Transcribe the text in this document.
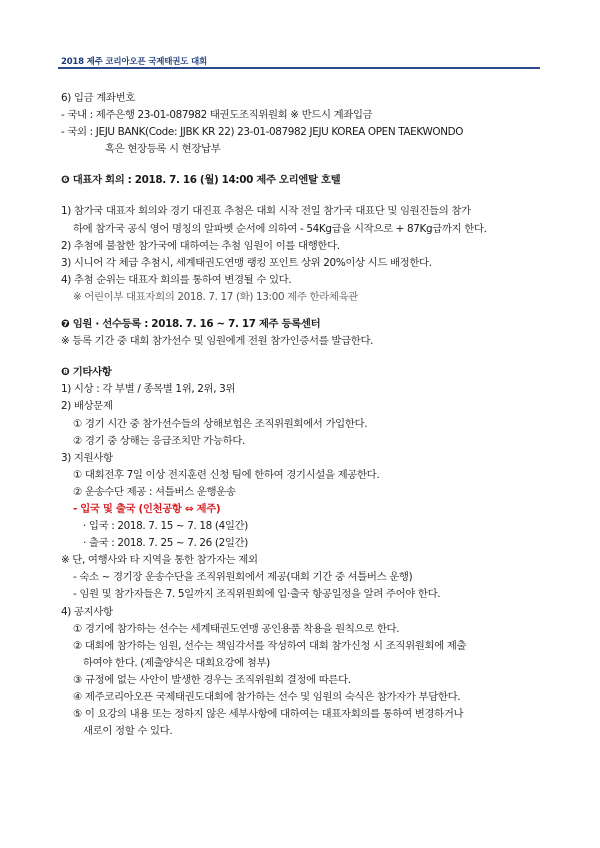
2018 제주 코리아오픈 국제태권도 대회
6) 입금 계좌번호
- 국내 : 제주은행 23-01-087982 태권도조직위원회 ※ 반드시 계좌입금
- 국외 : JEJU BANK(Code: JJBK KR 22) 23-01-087982 JEJU KOREA OPEN TAEKWONDO
혹은 현장등록 시 현장납부
❻ 대표자 회의 : 2018. 7. 16 (월) 14:00 제주 오리엔탈 호텔
1) 참가국 대표자 회의와 경기 대진표 추첨은 대회 시작 전일 참가국 대표단 및 임원진들의 참가
하에 참가국 공식 영어 명칭의 알파벳 순서에 의하여 - 54Kg급을 시작으로 + 87Kg급까지 한다.
2) 추첨에 불참한 참가국에 대하여는 추첨 임원이 이를 대행한다.
3) 시니어 각 체급 추첨시, 세계태권도연맹 랭킹 포인트 상위 20%이상 시드 배정한다.
4) 추첨 순위는 대표자 회의를 통하여 변경될 수 있다.
※ 어린이부 대표자회의 2018. 7. 17 (화) 13:00 제주 한라체육관
❼ 임원 · 선수등록 : 2018. 7. 16 ~ 7. 17 제주 등록센터
※ 등록 기간 중 대회 참가선수 및 임원에게 전원 참가인증서를 발급한다.
❽ 기타사항
1) 시상 : 각 부별 / 종목별 1위, 2위, 3위
2) 배상문제
① 경기 시간 중 참가선수들의 상해보험은 조직위원회에서 가입한다.
② 경기 중 상해는 응급조치만 가능하다.
3) 지원사항
① 대회전후 7일 이상 전지훈련 신청 팀에 한하여 경기시설을 제공한다.
② 운송수단 제공 : 셔틀버스 운행운송
- 입국 및 출국 (인천공항 ⇔ 제주)
· 입국 : 2018. 7. 15 ~ 7. 18 (4일간)
· 출국 : 2018. 7. 25 ~ 7. 26 (2일간)
※ 단, 여행사와 타 지역을 통한 참가자는 제외
- 숙소 ~ 경기장 운송수단을 조직위원회에서 제공(대회 기간 중 셔틀버스 운행)
- 임원 및 참가자들은 7. 5일까지 조직위원회에 입·출국 항공일정을 알려 주어야 한다.
4) 공지사항
① 경기에 참가하는 선수는 세계태권도연맹 공인용품 착용을 원칙으로 한다.
② 대회에 참가하는 임원, 선수는 책임각서를 작성하여 대회 참가신청 시 조직위원회에 제출
하여야 한다. (제출양식은 대회요강에 첨부)
③ 규정에 없는 사안이 발생한 경우는 조직위원회 결정에 따른다.
④ 제주코리아오픈 국제태권도대회에 참가하는 선수 및 임원의 숙식은 참가자가 부담한다.
⑤ 이 요강의 내용 또는 정하지 않은 세부사항에 대하여는 대표자회의를 통하여 변경하거나
새로이 정할 수 있다.
